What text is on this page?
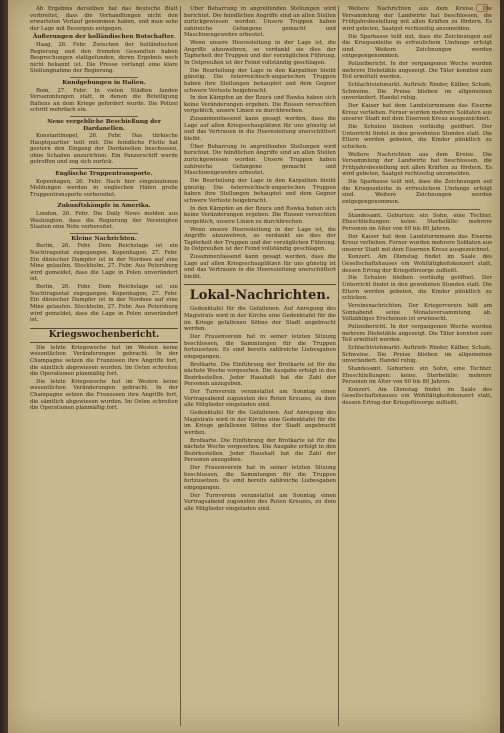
Ab Ergebnis derselben hat das deutsche Blatt verbreitet, dass die Verhandlungen nicht den erwarteten Verlauf genommen haben, und man sehe der Lage mit Besorgnis entgegen.

Äußerungen der holländischen Botschafter.

Haag, 26. Febr. Zwischen der holländischen Regierung und den fremden Gesandten haben Besprechungen stattgefunden, deren Ergebnis noch nicht bekannt ist. Die Presse verlangt eine klare Stellungnahme der Regierung.

Kundgebungen in Italien.

Rom, 27. Febr. In vielen Städten fanden Versammlungen statt, in denen die Beteiligung Italiens an dem Kriege gefordert wurde. Die Polizei schritt mehrfach ein.

Neue vergebliche Beschießung der Dardanellen.

Konstantinopel, 26. Febr. Das türkische Hauptquartier teilt mit: Die feindliche Flotte hat gestern den Eingang der Dardanellen beschossen, ohne Schaden anzurichten. Ein Panzerschiff wurde getroffen und zog sich zurück.

Englische Truppentransporte.

Kopenhagen, 26. Febr. Nach hier eingelaufenen Meldungen werden in englischen Häfen große Truppentransporte vorbereitet.

Zukunftskämpfe in Amerika.

London, 26. Febr. Die Daily News melden aus Washington, dass die Regierung der Vereinigten Staaten eine Note vorbereitet.

Kleine Nachrichten.

Berlin, 26. Febr. Dem Reichstage ist ein Nachtragsetat zugegangen. Kopenhagen, 27. Febr. Ein dänischer Dampfer ist in der Nordsee auf eine Mine gelaufen. Stockholm, 27. Febr. Aus Petersburg wird gemeldet, dass die Lage in Polen unverändert ist.

Berlin, 26. Febr. Dem Reichstage ist ein Nachtragsetat zugegangen. Kopenhagen, 27. Febr. Ein dänischer Dampfer ist in der Nordsee auf eine Mine gelaufen. Stockholm, 27. Febr. Aus Petersburg wird gemeldet, dass die Lage in Polen unverändert ist.

Kriegswochenbericht.

Die letzte Kriegswoche hat im Westen keine wesentlichen Veränderungen gebracht. In der Champagne setzen die Franzosen ihre Angriffe fort, die sämtlich abgewiesen wurden. Im Osten schreiten die Operationen planmäßig fort.

Die letzte Kriegswoche hat im Westen keine wesentlichen Veränderungen gebracht. In der Champagne setzen die Franzosen ihre Angriffe fort, die sämtlich abgewiesen wurden. Im Osten schreiten die Operationen planmäßig fort.

Über Beharrung in angreifenden Stellungen wird berichtet. Die feindlichen Angriffe sind an allen Stellen zurückgewiesen worden. Unsere Truppen haben zahlreiche Gefangene gemacht und Maschinengewehre erbeutet.

Wenn unsere Heeresleitung in der Lage ist, die Angriffe abzuwehren, so verdankt sie dies der Tapferkeit der Truppen und der vorzüglichen Führung. In Ostpreußen ist der Feind vollständig geschlagen.

Die Beurteilung der Lage in den Karpathen bleibt günstig. Die österreichisch-ungarischen Truppen haben ihre Stellungen behauptet und dem Gegner schwere Verluste beigebracht.

In den Kämpfen an der Bzura und Rawka haben sich keine Veränderungen ergeben. Die Russen versuchten vergeblich, unsere Linien zu durchbrechen.

Zusammenfassend kann gesagt werden, dass die Lage auf allen Kriegsschauplätzen für uns günstig ist und das Vertrauen in die Heeresleitung unerschüttert bleibt.

Über Beharrung in angreifenden Stellungen wird berichtet. Die feindlichen Angriffe sind an allen Stellen zurückgewiesen worden. Unsere Truppen haben zahlreiche Gefangene gemacht und Maschinengewehre erbeutet.

Die Beurteilung der Lage in den Karpathen bleibt günstig. Die österreichisch-ungarischen Truppen haben ihre Stellungen behauptet und dem Gegner schwere Verluste beigebracht.

In den Kämpfen an der Bzura und Rawka haben sich keine Veränderungen ergeben. Die Russen versuchten vergeblich, unsere Linien zu durchbrechen.

Wenn unsere Heeresleitung in der Lage ist, die Angriffe abzuwehren, so verdankt sie dies der Tapferkeit der Truppen und der vorzüglichen Führung. In Ostpreußen ist der Feind vollständig geschlagen.

Zusammenfassend kann gesagt werden, dass die Lage auf allen Kriegsschauplätzen für uns günstig ist und das Vertrauen in die Heeresleitung unerschüttert bleibt.

Lokal-Nachrichten.

Gedenktafel für die Gefallenen. Auf Anregung des Magistrats wird in der Kirche eine Gedenktafel für die im Kriege gefallenen Söhne der Stadt angebracht werden.

Der Frauenverein hat in seiner letzten Sitzung beschlossen, die Sammlungen für die Truppen fortzusetzen. Es sind bereits zahlreiche Liebesgaben eingegangen.

Brotkarte. Die Einführung der Brotkarte ist für die nächste Woche vorgesehen. Die Ausgabe erfolgt in den Bezirksstellen. Jeder Haushalt hat die Zahl der Personen anzugeben.

Der Turnverein veranstaltet am Sonntag einen Vortragsabend zugunsten des Roten Kreuzes, zu dem alle Mitglieder eingeladen sind.

Gedenktafel für die Gefallenen. Auf Anregung des Magistrats wird in der Kirche eine Gedenktafel für die im Kriege gefallenen Söhne der Stadt angebracht werden.

Brotkarte. Die Einführung der Brotkarte ist für die nächste Woche vorgesehen. Die Ausgabe erfolgt in den Bezirksstellen. Jeder Haushalt hat die Zahl der Personen anzugeben.

Der Frauenverein hat in seiner letzten Sitzung beschlossen, die Sammlungen für die Truppen fortzusetzen. Es sind bereits zahlreiche Liebesgaben eingegangen.

Der Turnverein veranstaltet am Sonntag einen Vortragsabend zugunsten des Roten Kreuzes, zu dem alle Mitglieder eingeladen sind.

Weitere Nachrichten aus dem Kreise. Die Versammlung der Landwirte hat beschlossen, die Frühjahrsbestellung mit allen Kräften zu fördern. Es wird gebeten, Saatgut rechtzeitig anzumelden.

Die Sparkasse teilt mit, dass die Zeichnungen auf die Kriegsanleihe in erfreulichem Umfange erfolgt sind. Weitere Zeichnungen werden entgegengenommen.

Polizeibericht. In der vergangenen Woche wurden mehrere Diebstähle angezeigt. Die Täter konnten zum Teil ermittelt werden.

Schlachtviehmarkt. Auftrieb: Rinder, Kälber, Schafe, Schweine. Die Preise blieben im allgemeinen unverändert. Handel ruhig.

Der Kaiser hat dem Landsturmmann das Eiserne Kreuz verliehen. Ferner wurden mehrere Soldaten aus unserer Stadt mit dem Eisernen Kreuz ausgezeichnet.

Die Schulen bleiben vorläufig geöffnet. Der Unterricht findet in den gewohnten Stunden statt. Die Eltern werden gebeten, die Kinder pünktlich zu schicken.

Weitere Nachrichten aus dem Kreise. Die Versammlung der Landwirte hat beschlossen, die Frühjahrsbestellung mit allen Kräften zu fördern. Es wird gebeten, Saatgut rechtzeitig anzumelden.

Die Sparkasse teilt mit, dass die Zeichnungen auf die Kriegsanleihe in erfreulichem Umfange erfolgt sind. Weitere Zeichnungen werden entgegengenommen.

Standesamt. Geburten: ein Sohn, eine Tochter. Eheschließungen: keine. Sterbefälle: mehrere Personen im Alter von 60 bis 80 Jahren.

Der Kaiser hat dem Landsturmmann das Eiserne Kreuz verliehen. Ferner wurden mehrere Soldaten aus unserer Stadt mit dem Eisernen Kreuz ausgezeichnet.

Konzert. Am Dienstag findet im Saale des Gesellschaftshauses ein Wohltätigkeitskonzert statt, dessen Ertrag der Kriegsfürsorge zufließt.

Die Schulen bleiben vorläufig geöffnet. Der Unterricht findet in den gewohnten Stunden statt. Die Eltern werden gebeten, die Kinder pünktlich zu schicken.

Vereinsnachrichten. Der Kriegerverein hält am Sonnabend seine Monatsversammlung ab. Vollzähliges Erscheinen ist erwünscht.

Polizeibericht. In der vergangenen Woche wurden mehrere Diebstähle angezeigt. Die Täter konnten zum Teil ermittelt werden.

Schlachtviehmarkt. Auftrieb: Rinder, Kälber, Schafe, Schweine. Die Preise blieben im allgemeinen unverändert. Handel ruhig.

Standesamt. Geburten: ein Sohn, eine Tochter. Eheschließungen: keine. Sterbefälle: mehrere Personen im Alter von 60 bis 80 Jahren.

Konzert. Am Dienstag findet im Saale des Gesellschaftshauses ein Wohltätigkeitskonzert statt, dessen Ertrag der Kriegsfürsorge zufließt.
